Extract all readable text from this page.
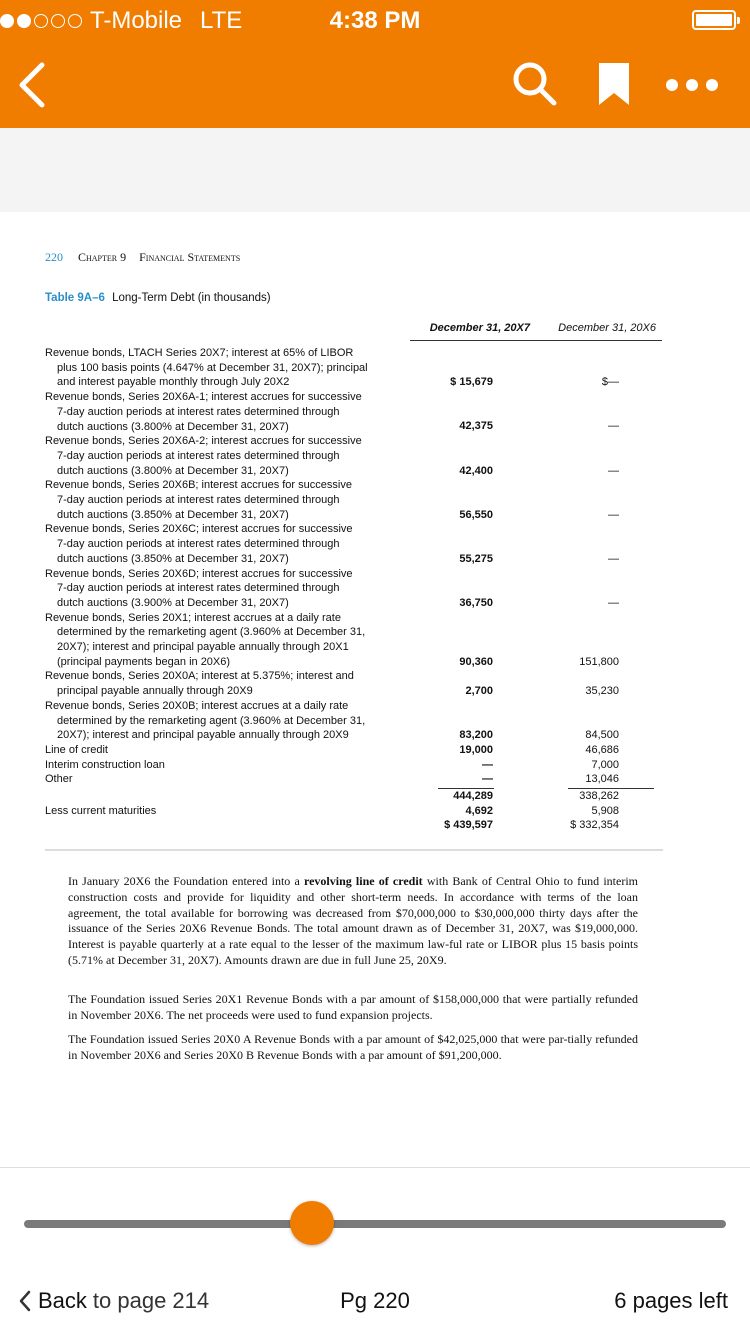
T-Mobile LTE	4:38 PM
220 Chapter 9 Financial Statements
Table 9A–6 Long-Term Debt (in thousands)
December 31, 20X7	December 31, 20X6
Revenue bonds, LTACH Series 20X7; interest at 65% of LIBOR
plus 100 basis points (4.647% at December 31, 20X7); principal
and interest payable monthly through July 20X2	$ 15,679	$—
Revenue bonds, Series 20X6A-1; interest accrues for successive
7-day auction periods at interest rates determined through
dutch auctions (3.800% at December 31, 20X7)	42,375	—
Revenue bonds, Series 20X6A-2; interest accrues for successive
7-day auction periods at interest rates determined through
dutch auctions (3.800% at December 31, 20X7)	42,400	—
Revenue bonds, Series 20X6B; interest accrues for successive
7-day auction periods at interest rates determined through
dutch auctions (3.850% at December 31, 20X7)	56,550	—
Revenue bonds, Series 20X6C; interest accrues for successive
7-day auction periods at interest rates determined through
dutch auctions (3.850% at December 31, 20X7)	55,275	—
Revenue bonds, Series 20X6D; interest accrues for successive
7-day auction periods at interest rates determined through
dutch auctions (3.900% at December 31, 20X7)	36,750	—
Revenue bonds, Series 20X1; interest accrues at a daily rate
determined by the remarketing agent (3.960% at December 31,
20X7); interest and principal payable annually through 20X1
(principal payments began in 20X6)	90,360	151,800
Revenue bonds, Series 20X0A; interest at 5.375%; interest and
principal payable annually through 20X9	2,700	35,230
Revenue bonds, Series 20X0B; interest accrues at a daily rate
determined by the remarketing agent (3.960% at December 31,
20X7); interest and principal payable annually through 20X9	83,200	84,500
Line of credit	19,000	46,686
Interim construction loan	—	7,000
Other	—	13,046
444,289	338,262
Less current maturities	4,692	5,908
$ 439,597	$ 332,354
In January 20X6 the Foundation entered into a revolving line of credit with Bank of Central Ohio to fund interim construction costs and provide for liquidity and other short-term needs. In accordance with terms of the loan agreement, the total available for borrowing was decreased from $70,000,000 to $30,000,000 thirty days after the issuance of the Series 20X6 Revenue Bonds. The total amount drawn as of December 31, 20X7, was $19,000,000. Interest is payable quarterly at a rate equal to the lesser of the maximum law-ful rate or LIBOR plus 15 basis points (5.71% at December 31, 20X7). Amounts drawn are due in full June 25, 20X9.
The Foundation issued Series 20X1 Revenue Bonds with a par amount of $158,000,000 that were partially refunded in November 20X6. The net proceeds were used to fund expansion projects.
The Foundation issued Series 20X0 A Revenue Bonds with a par amount of $42,025,000 that were par-tially refunded in November 20X6 and Series 20X0 B Revenue Bonds with a par amount of $91,200,000.
Back to page 214	Pg 220	6 pages left
